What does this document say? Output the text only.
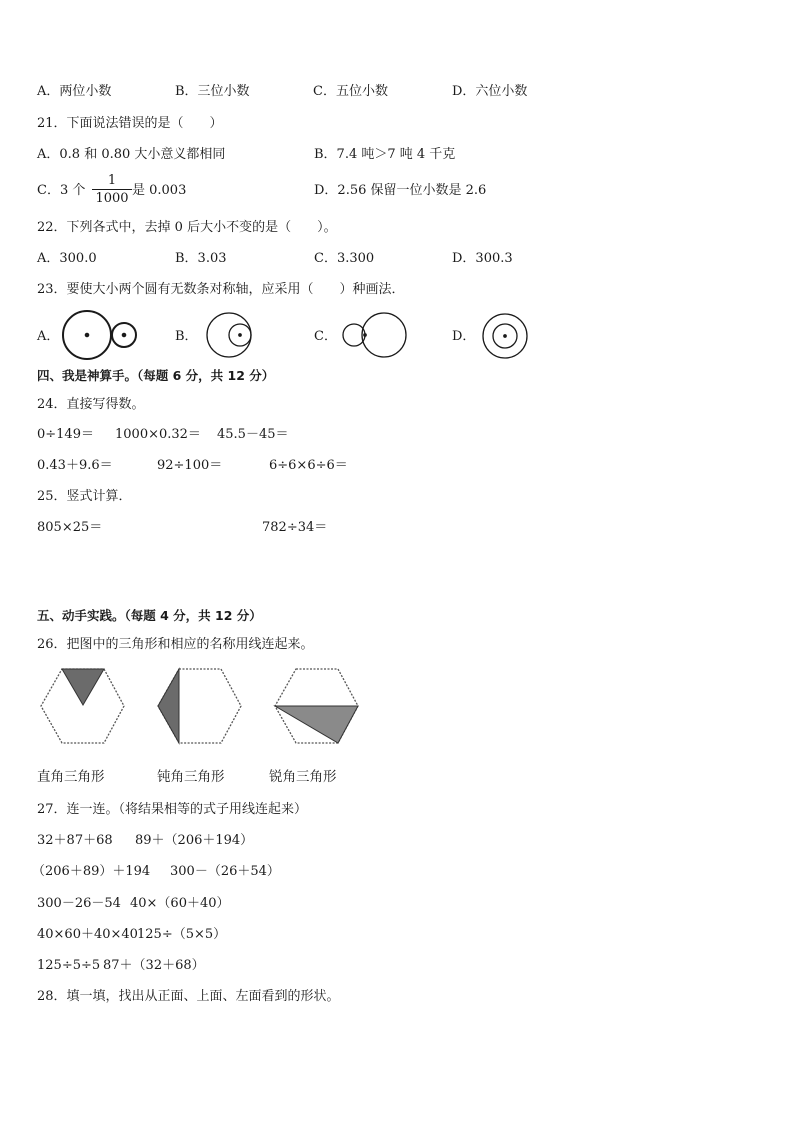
A．两位小数	B．三位小数	C．五位小数	D．六位小数
21．下面说法错误的是（　　）
A．0.8 和 0.80 大小意义都相同	B．7.4 吨＞7 吨 4 千克
C．3 个
1
1000
是 0.003	D．2.56 保留一位小数是 2.6
22．下列各式中，去掉 0 后大小不变的是（　　）。
A．300.0	B．3.03	C．3.300	D．300.3
23．要使大小两个圆有无数条对称轴，应采用（　　）种画法．
A．	B．	C．	D．
四、我是神算手。（每题 6 分，共 12 分）
24．直接写得数。
0÷149＝ 1000×0.32＝ 45.5－45＝
0.43＋9.6＝	92÷100＝	6÷6×6÷6＝
25．竖式计算．
805×25＝	782÷34＝
五、动手实践。（每题 4 分，共 12 分）
26．把图中的三角形和相应的名称用线连起来。
直角三角形	钝角三角形	锐角三角形
27．连一连。（将结果相等的式子用线连起来）
32＋87＋68 89＋（206＋194）
（206＋89）＋194 300－（26＋54）
300－26－54 40×（60＋40）
40×60＋40×40 125÷（5×5）
125÷5÷5 87＋（32＋68）
28．填一填，找出从正面、上面、左面看到的形状。
